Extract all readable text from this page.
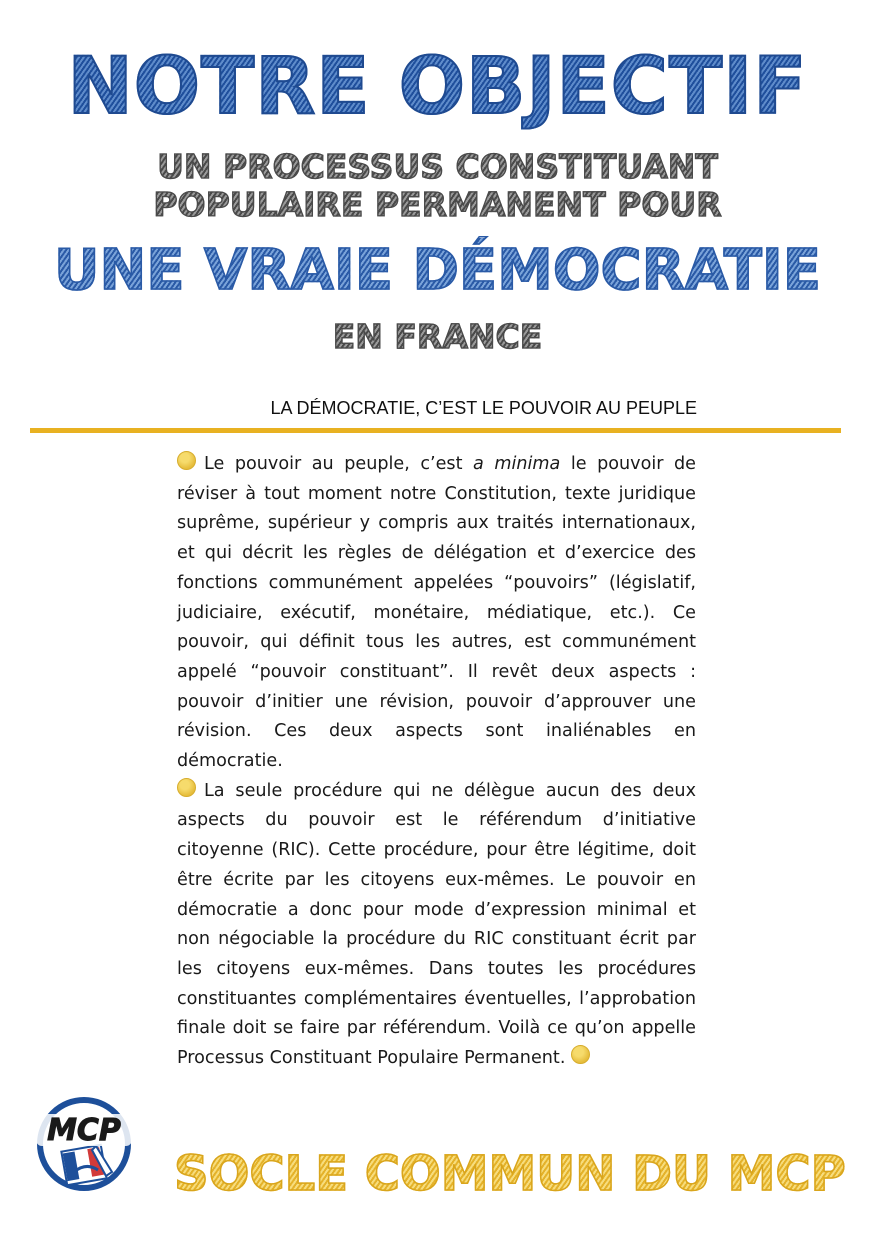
NOTRE OBJECTIF
UN PROCESSUS CONSTITUANT
POPULAIRE PERMANENT POUR
UNE VRAIE DÉMOCRATIE
EN FRANCE
LA DÉMOCRATIE, C’EST LE POUVOIR AU PEUPLE

Le pouvoir au peuple, c’est a minima le pouvoir de réviser à tout moment notre Constitution, texte juridique suprême, supérieur y compris aux traités internationaux, et qui décrit les règles de délégation et d’exercice des fonctions communément appelées “pouvoirs” (législatif, judiciaire, exécutif, monétaire, médiatique, etc.). Ce pouvoir, qui définit tous les autres, est communément appelé “pouvoir constituant”. Il revêt deux aspects : pouvoir d’initier une révision, pouvoir d’approuver une révision. Ces deux aspects sont inaliénables en démocratie.

La seule procédure qui ne délègue aucun des deux aspects du pouvoir est le référendum d’initiative citoyenne (RIC). Cette procédure, pour être légitime, doit être écrite par les citoyens eux-mêmes. Le pouvoir en démocratie a donc pour mode d’expression minimal et non négociable la procédure du RIC constituant écrit par les citoyens eux-mêmes. Dans toutes les procédures constituantes complémentaires éventuelles, l’approbation finale doit se faire par référendum. Voilà ce qu’on appelle Processus Constituant Populaire Permanent.

MCP
SOCLE COMMUN DU MCP
